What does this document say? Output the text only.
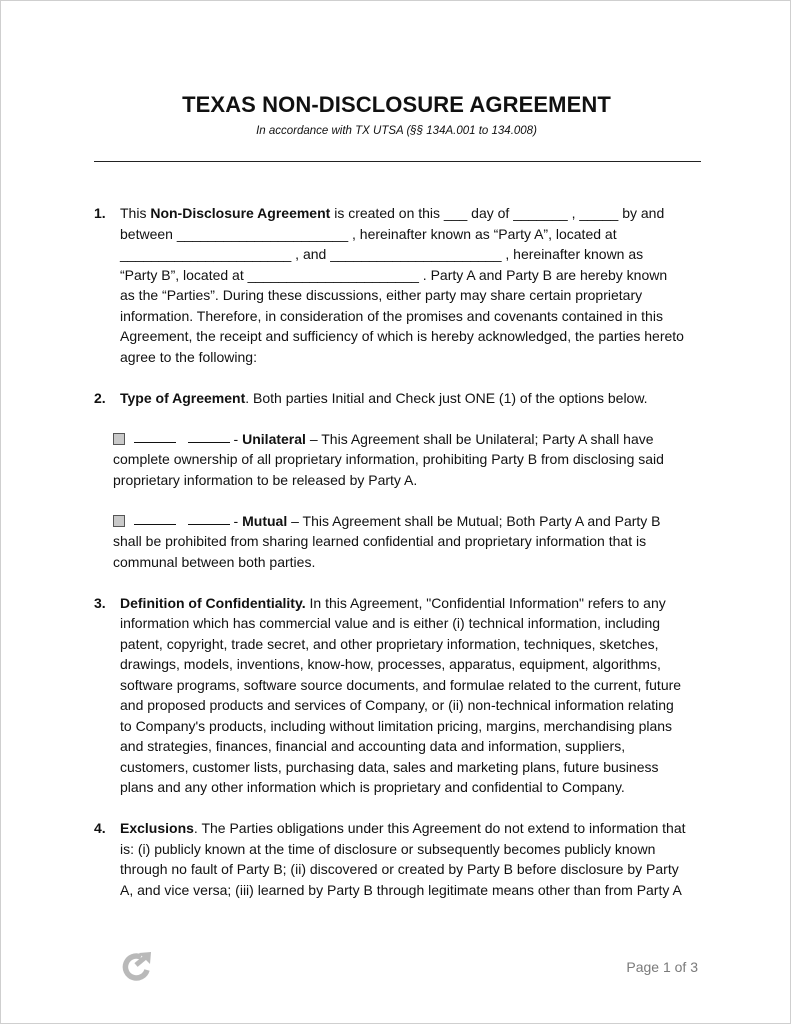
TEXAS NON-DISCLOSURE AGREEMENT
In accordance with TX UTSA (§§ 134A.001 to 134.008)
1.	This Non-Disclosure Agreement is created on this ___ day of _______ , _____ by and

between ______________________ , hereinafter known as “Party A”, located at

______________________ , and ______________________ , hereinafter known as

“Party B”, located at ______________________ . Party A and Party B are hereby known

as the “Parties”. During these discussions, either party may share certain proprietary

information. Therefore, in consideration of the promises and covenants contained in this

Agreement, the receipt and sufficiency of which is hereby acknowledged, the parties hereto

agree to the following:

2.	Type of Agreement. Both parties Initial and Check just ONE (1) of the options below.

- Unilateral – This Agreement shall be Unilateral; Party A shall have

complete ownership of all proprietary information, prohibiting Party B from disclosing said

proprietary information to be released by Party A.

- Mutual – This Agreement shall be Mutual; Both Party A and Party B

shall be prohibited from sharing learned confidential and proprietary information that is

communal between both parties.

3.	Definition of Confidentiality. In this Agreement, "Confidential Information" refers to any

information which has commercial value and is either (i) technical information, including

patent, copyright, trade secret, and other proprietary information, techniques, sketches,

drawings, models, inventions, know-how, processes, apparatus, equipment, algorithms,

software programs, software source documents, and formulae related to the current, future

and proposed products and services of Company, or (ii) non-technical information relating

to Company's products, including without limitation pricing, margins, merchandising plans

and strategies, finances, financial and accounting data and information, suppliers,

customers, customer lists, purchasing data, sales and marketing plans, future business

plans and any other information which is proprietary and confidential to Company.

4.	Exclusions. The Parties obligations under this Agreement do not extend to information that

is: (i) publicly known at the time of disclosure or subsequently becomes publicly known

through no fault of Party B; (ii) discovered or created by Party B before disclosure by Party

A, and vice versa; (iii) learned by Party B through legitimate means other than from Party A

Page 1 of 3
